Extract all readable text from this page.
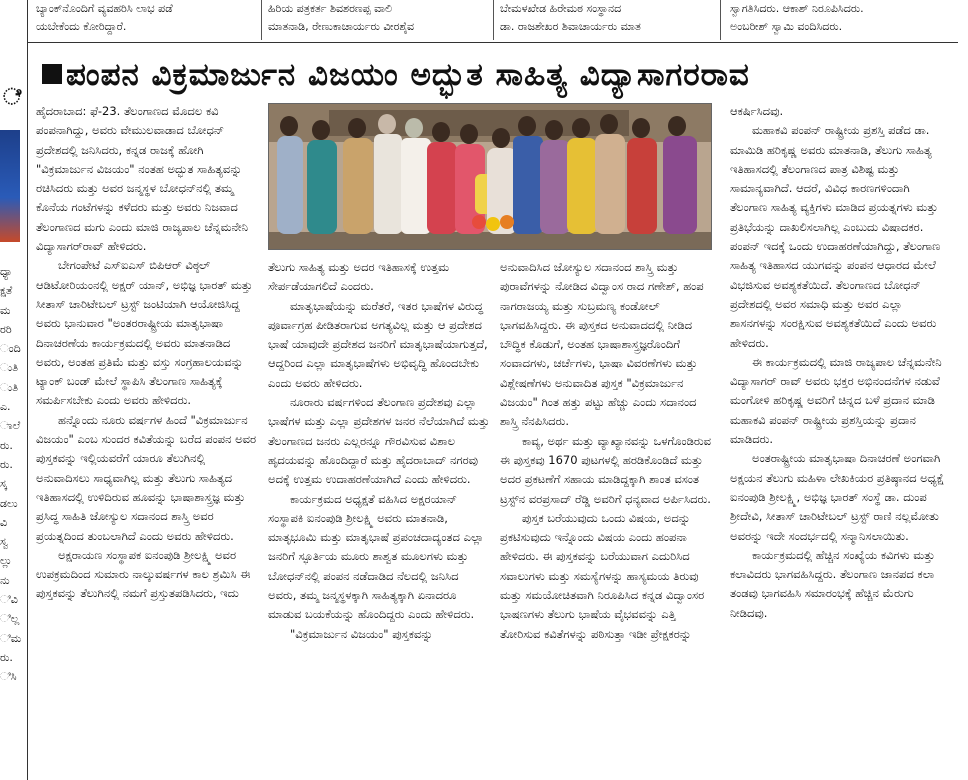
ಬ್ಯಾಂಕ್‌ನೊಂದಿಗೆ ವ್ಯವಹರಿಸಿ ಲಾಭ ಪಡೆ
ಯಬೇಕೆಂದು ಕೋರಿದ್ದಾರೆ.
ಹಿರಿಯ ಪತ್ರಕರ್ತ ಶಿವಶರಣಪ್ಪ ವಾಲಿ
ಮಾತನಾಡಿ, ರೇಣುಕಾಚಾರ್ಯರು ವೀರಶೈವ
ಬೇಮಳಖೇಡ ಹಿರೇಮಠ ಸಂಸ್ಥಾನದ
ಡಾ. ರಾಜಶೇಖರ ಶಿವಾಚಾರ್ಯರು ಮಾತ
ಸ್ವಾಗತಿಸಿದರು. ಆಕಾಶ್ ನಿರೂಪಿಸಿದರು.
ಅಂಬರೀಶ್ ಸ್ವಾಮಿ ವಂದಿಸಿದರು.
ೆ
ಧ್ಯಾ
ಕ್ಷತೆ
ಮ
ರರಿ
ಂದಿ
ುತಿ
ುತಿ
ಎ.
ಾಲೆ
ರು.
ರು.
ಸ್ಕ
ಡಲು
ವಿ
ಸ್ವ
ಲ್ಲು
ನು
ಿವಿ
ಿಲ್ಲ
ಿಮ
ರು.
ಿಸಿ
ಪಂಪನ ವಿಕ್ರಮಾರ್ಜುನ ವಿಜಯಂ ಅದ್ಭುತ ಸಾಹಿತ್ಯ ವಿದ್ಯಾಸಾಗರರಾವ

ಹೈದರಾಬಾದ: ಫೆ-23. ತೆಲಂಗಾಣದ ಮೊದಲ ಕವಿ ಪಂಪನಾಗಿದ್ದು, ಅವರು ವೇಮುಲವಾಡಾದ ಬೋಧನ್ ಪ್ರದೇಶದಲ್ಲಿ ಜನಿಸಿದರು, ಕನ್ನಡ ರಾಜಕ್ಕೆ ಹೋಗಿ "ವಿಕ್ರಮಾರ್ಜುನ ವಿಜಯಂ" ನಂತಹ ಅದ್ಭುತ ಸಾಹಿತ್ಯವನ್ನು ರಚಿಸಿದರು ಮತ್ತು ಅವರ ಜನ್ಮಸ್ಥಳ ಬೋಧನ್‌ನಲ್ಲಿ ತಮ್ಮ ಕೊನೆಯ ಗಂಟೆಗಳನ್ನು ಕಳೆದರು ಮತ್ತು ಅವರು ನಿಜವಾದ ತೆಲಂಗಾಣದ ಮಗು ಎಂದು ಮಾಜಿ ರಾಜ್ಯಪಾಲ ಚೆನ್ನಮನೇನಿ ವಿದ್ಯಾಸಾಗರ್‌ರಾವ್ ಹೇಳಿದರು.

ಬೇಗಂಪೇಟೆ ಎಸ್‌ಐಎಸ್ ಬಿಪಿಆರ್ ವಿಠ್ಠಲ್ ಆಡಿಟೋರಿಯಂನಲ್ಲಿ ಅಕ್ಷರ್ ಯಾನ್, ಅಭಿಜ್ಞ ಭಾರತ್ ಮತ್ತು ಸೀತಾಸ್ ಚಾರಿಟೇಬಲ್ ಟ್ರಸ್ಟ್ ಜಂಟಿಯಾಗಿ ಆಯೋಜಿಸಿದ್ದ ಅವರು ಭಾನುವಾರ "ಅಂತರರಾಷ್ಟ್ರೀಯ ಮಾತೃಭಾಷಾ ದಿನಾಚರಣೆಯ ಕಾರ್ಯಕ್ರಮದಲ್ಲಿ ಅವರು ಮಾತನಾಡಿದ ಅವರು, ಅಂತಹ ಪ್ರತಿಮೆ ಮತ್ತು ವಸ್ತು ಸಂಗ್ರಹಾಲಯವನ್ನು ಟ್ಯಾಂಕ್ ಬಂಡ್ ಮೇಲೆ ಸ್ಥಾಪಿಸಿ ತೆಲಂಗಾಣ ಸಾಹಿತ್ಯಕ್ಕೆ ಸಮರ್ಪಿಸಬೇಕು ಎಂದು ಅವರು ಹೇಳಿದರು.

ಹನ್ನೊಂದು ನೂರು ವರ್ಷಗಳ ಹಿಂದೆ "ವಿಕ್ರಮಾರ್ಜುನ ವಿಜಯಂ" ಎಂಬ ಸುಂದರ ಕವಿತೆಯನ್ನು ಬರೆದ ಪಂಪನ ಅವರ ಪುಸ್ತಕವನ್ನು ಇಲ್ಲಿಯವರೆಗೆ ಯಾರೂ ತೆಲುಗಿನಲ್ಲಿ ಅನುವಾದಿಸಲು ಸಾಧ್ಯವಾಗಿಲ್ಲ ಮತ್ತು ತೆಲುಗು ಸಾಹಿತ್ಯದ ಇತಿಹಾಸದಲ್ಲಿ ಉಳಿದಿರುವ ಹೂವನ್ನು ಭಾಷಾಶಾಸ್ತ್ರಜ್ಞ ಮತ್ತು ಪ್ರಸಿದ್ಧ ಸಾಹಿತಿ ಜೋಸ್ಯುಲ ಸದಾನಂದ ಶಾಸ್ತ್ರಿ ಅವರ ಪ್ರಯತ್ನದಿಂದ ತುಂಬಲಾಗಿದೆ ಎಂದು ಅವರು ಹೇಳಿದರು.

ಅಕ್ಷರಾಯಣ ಸಂಸ್ಥಾಪಕ ಐನಂಪುಡಿ ಶ್ರೀಲಕ್ಷ್ಮಿ ಅವರ ಉಪಕ್ರಮದಿಂದ ಸುಮಾರು ನಾಲ್ಕುವರ್ಷಗಳ ಕಾಲ ಶ್ರಮಿಸಿ ಈ ಪುಸ್ತಕವನ್ನು ತೆಲುಗಿನಲ್ಲಿ ನಮಗೆ ಪ್ರಸ್ತುತಪಡಿಸಿದರು, ಇದು

ತೆಲುಗು ಸಾಹಿತ್ಯ ಮತ್ತು ಅದರ ಇತಿಹಾಸಕ್ಕೆ ಉತ್ತಮ ಸೇರ್ಪಡೆಯಾಗಲಿದೆ ಎಂದರು.

ಮಾತೃಭಾಷೆಯನ್ನು ಮರೆತರೆ, ಇತರ ಭಾಷೆಗಳ ವಿರುದ್ಧ ಪೂರ್ವಾಗ್ರಹ ಪೀಡಿತರಾಗುವ ಅಗತ್ಯವಿಲ್ಲ ಮತ್ತು ಆ ಪ್ರದೇಶದ ಭಾಷೆ ಯಾವುದೇ ಪ್ರದೇಶದ ಜನರಿಗೆ ಮಾತೃಭಾಷೆಯಾಗುತ್ತದೆ, ಆದ್ದರಿಂದ ಎಲ್ಲಾ ಮಾತೃಭಾಷೆಗಳು ಅಭಿವೃದ್ಧಿ ಹೊಂದಬೇಕು ಎಂದು ಅವರು ಹೇಳಿದರು.

ನೂರಾರು ವರ್ಷಗಳಿಂದ ತೆಲಂಗಾಣ ಪ್ರದೇಶವು ಎಲ್ಲಾ ಭಾಷೆಗಳ ಮತ್ತು ಎಲ್ಲಾ ಪ್ರದೇಶಗಳ ಜನರ ನೆಲೆಯಾಗಿದೆ ಮತ್ತು ತೆಲಂಗಾಣದ ಜನರು ಎಲ್ಲರನ್ನೂ ಗೌರವಿಸುವ ವಿಶಾಲ ಹೃದಯವನ್ನು ಹೊಂದಿದ್ದಾರೆ ಮತ್ತು ಹೈದರಾಬಾದ್ ನಗರವು ಅದಕ್ಕೆ ಉತ್ತಮ ಉದಾಹರಣೆಯಾಗಿದೆ ಎಂದು ಹೇಳಿದರು.

ಕಾರ್ಯಕ್ರಮದ ಅಧ್ಯಕ್ಷತೆ ವಹಿಸಿದ ಅಕ್ಷರಯಾನ್ ಸಂಸ್ಥಾಪಕಿ ಐನಂಪುಡಿ ಶ್ರೀಲಕ್ಷ್ಮಿ ಅವರು ಮಾತನಾಡಿ, ಮಾತೃಭೂಮಿ ಮತ್ತು ಮಾತೃಭಾಷೆ ಪ್ರಪಂಚದಾದ್ಯಂತದ ಎಲ್ಲಾ ಜನರಿಗೆ ಸ್ಫೂರ್ತಿಯ ಮೂರು ಶಾಶ್ವತ ಮೂಲಗಳು ಮತ್ತು ಬೋಧನ್‌ನಲ್ಲಿ ಪಂಪನ ನಡೆದಾಡಿದ ನೆಲದಲ್ಲಿ ಜನಿಸಿದ ಅವರು, ತಮ್ಮ ಜನ್ಮಸ್ಥಳಕ್ಕಾಗಿ ಸಾಹಿತ್ಯಕ್ಕಾಗಿ ಏನಾದರೂ ಮಾಡುವ ಬಯಕೆಯನ್ನು ಹೊಂದಿದ್ದರು ಎಂದು ಹೇಳಿದರು.

"ವಿಕ್ರಮಾರ್ಜುನ ವಿಜಯಂ" ಪುಸ್ತಕವನ್ನು

ಅನುವಾದಿಸಿದ ಜೋಸ್ಯುಲ ಸದಾನಂದ ಶಾಸ್ತ್ರಿ ಮತ್ತು ಪುರಾವೆಗಳನ್ನು ನೋಡಿದ ವಿದ್ವಾಂಸ ರಾದ ಗಣೇಶ್, ಹಂಪ ನಾಗರಾಜಯ್ಯ ಮತ್ತು ಸುಬ್ರಮಣ್ಯ ಕಂಡೋಲ್ ಭಾಗವಹಿಸಿದ್ದರು. ಈ ಪುಸ್ತಕದ ಅನುವಾದದಲ್ಲಿ ನೀಡಿದ ಬೌದ್ಧಿಕ ಕೊಡುಗೆ, ಅಂತಹ ಭಾಷಾಶಾಸ್ತ್ರಜ್ಞರೊಂದಿಗೆ ಸಂವಾದಗಳು, ಚರ್ಚೆಗಳು, ಭಾಷಾ ವಿವರಣೆಗಳು ಮತ್ತು ವಿಶ್ಲೇಷಣೆಗಳು ಅನುವಾದಿತ ಪುಸ್ತಕ "ವಿಕ್ರಮಾರ್ಜುನ ವಿಜಯಂ" ಗಿಂತ ಹತ್ತು ಪಟ್ಟು ಹೆಚ್ಚು ಎಂದು ಸದಾನಂದ ಶಾಸ್ತ್ರಿ ನೆನಪಿಸಿದರು.

ಕಾವ್ಯ, ಅರ್ಥ ಮತ್ತು ವ್ಯಾಖ್ಯಾನವನ್ನು ಒಳಗೊಂಡಿರುವ ಈ ಪುಸ್ತಕವು 1670 ಪುಟಗಳಲ್ಲಿ ಹರಡಿಕೊಂಡಿದೆ ಮತ್ತು ಅದರ ಪ್ರಕಟಣೆಗೆ ಸಹಾಯ ಮಾಡಿದ್ದಕ್ಕಾಗಿ ಶಾಂತ ವಸಂತ ಟ್ರಸ್ಟ್‌ನ ವರಪ್ರಸಾದ್ ರೆಡ್ಡಿ ಅವರಿಗೆ ಧನ್ಯವಾದ ಅರ್ಪಿಸಿದರು.

ಪುಸ್ತಕ ಬರೆಯುವುದು ಒಂದು ವಿಷಯ, ಅದನ್ನು ಪ್ರಕಟಿಸುವುದು ಇನ್ನೊಂದು ವಿಷಯ ಎಂದು ಹಂಪನಾ ಹೇಳಿದರು. ಈ ಪುಸ್ತಕವನ್ನು ಬರೆಯುವಾಗ ಎದುರಿಸಿದ ಸವಾಲುಗಳು ಮತ್ತು ಸಮಸ್ಯೆಗಳನ್ನು ಹಾಸ್ಯಮಯ ತಿರುವು ಮತ್ತು ಸಮಯೋಚಿತವಾಗಿ ನಿರೂಪಿಸಿದ ಕನ್ನಡ ವಿದ್ವಾಂಸರ ಭಾಷಣಗಳು ತೆಲುಗು ಭಾಷೆಯ ವೈಭವವನ್ನು ಎತ್ತಿ ತೋರಿಸುವ ಕವಿತೆಗಳನ್ನು ಪಠಿಸುತ್ತಾ ಇಡೀ ಪ್ರೇಕ್ಷಕರನ್ನು

ಆಕರ್ಷಿಸಿದವು.

ಮಹಾಕವಿ ಪಂಪನ್ ರಾಷ್ಟ್ರೀಯ ಪ್ರಶಸ್ತಿ ಪಡೆದ ಡಾ. ಮಾಮಿಡಿ ಹರಿಕೃಷ್ಣ ಅವರು ಮಾತನಾಡಿ, ತೆಲುಗು ಸಾಹಿತ್ಯ ಇತಿಹಾಸದಲ್ಲಿ ತೆಲಂಗಾಣದ ಪಾತ್ರ ವಿಶಿಷ್ಟ ಮತ್ತು ಸಾಮಾನ್ಯವಾಗಿದೆ. ಆದರೆ, ವಿವಿಧ ಕಾರಣಗಳಿಂದಾಗಿ ತೆಲಂಗಾಣ ಸಾಹಿತ್ಯ ವ್ಯಕ್ತಿಗಳು ಮಾಡಿದ ಪ್ರಯತ್ನಗಳು ಮತ್ತು ಪ್ರತಿಭೆಯನ್ನು ದಾಖಲಿಸಲಾಗಿಲ್ಲ ಎಂಬುದು ವಿಷಾದಕರ. ಪಂಪನ್ ಇದಕ್ಕೆ ಒಂದು ಉದಾಹರಣೆಯಾಗಿದ್ದು, ತೆಲಂಗಾಣ ಸಾಹಿತ್ಯ ಇತಿಹಾಸದ ಯುಗವನ್ನು ಪಂಪನ ಆಧಾರದ ಮೇಲೆ ವಿಭಜಿಸುವ ಅವಶ್ಯಕತೆಯಿದೆ. ತೆಲಂಗಾಣದ ಬೋಧನ್ ಪ್ರದೇಶದಲ್ಲಿ ಅವರ ಸಮಾಧಿ ಮತ್ತು ಅವರ ಎಲ್ಲಾ ಶಾಸನಗಳನ್ನು ಸಂರಕ್ಷಿಸುವ ಅವಶ್ಯಕತೆಯಿದೆ ಎಂದು ಅವರು ಹೇಳಿದರು.

ಈ ಕಾರ್ಯಕ್ರಮದಲ್ಲಿ ಮಾಜಿ ರಾಜ್ಯಪಾಲ ಚೆನ್ನಮನೇನಿ ವಿದ್ಯಾಸಾಗರ್ ರಾವ್ ಅವರು ಭಕ್ತರ ಅಭಿನಂದನೆಗಳ ನಡುವೆ ಮಂಗೋಳಿ ಹರಿಕೃಷ್ಣ ಅವರಿಗೆ ಚಿನ್ನದ ಬಳೆ ಪ್ರದಾನ ಮಾಡಿ ಮಹಾಕವಿ ಪಂಪನ್ ರಾಷ್ಟ್ರೀಯ ಪ್ರಶಸ್ತಿಯನ್ನು ಪ್ರದಾನ ಮಾಡಿದರು.

ಅಂತರಾಷ್ಟ್ರೀಯ ಮಾತೃಭಾಷಾ ದಿನಾಚರಣೆ ಅಂಗವಾಗಿ ಅಕ್ಷಯನ ತೆಲುಗು ಮಹಿಳಾ ಲೇಖಕಿಯರ ಪ್ರತಿಷ್ಠಾನದ ಅಧ್ಯಕ್ಷೆ ಐನಂಪುಡಿ ಶ್ರೀಲಕ್ಷ್ಮಿ, ಅಭಿಜ್ಞ ಭಾರತ್ ಸಂಸ್ಥೆ ಡಾ. ದುಂಪ ಶ್ರೀದೇವಿ, ಸೀತಾಸ್ ಚಾರಿಟೇಬಲ್ ಟ್ರಸ್ಟ್ ರಾಣಿ ನಲ್ಲಮೋತು ಅವರನ್ನು ಇದೇ ಸಂದರ್ಭದಲ್ಲಿ ಸನ್ಮಾನಿಸಲಾಯಿತು.

ಕಾರ್ಯಕ್ರಮದಲ್ಲಿ ಹೆಚ್ಚಿನ ಸಂಖ್ಯೆಯ ಕವಿಗಳು ಮತ್ತು ಕಲಾವಿದರು ಭಾಗವಹಿಸಿದ್ದರು. ತೆಲಂಗಾಣ ಜಾನಪದ ಕಲಾ ತಂಡವು ಭಾಗವಹಿಸಿ ಸಮಾರಂಭಕ್ಕೆ ಹೆಚ್ಚಿನ ಮೆರುಗು ನೀಡಿದವು.
